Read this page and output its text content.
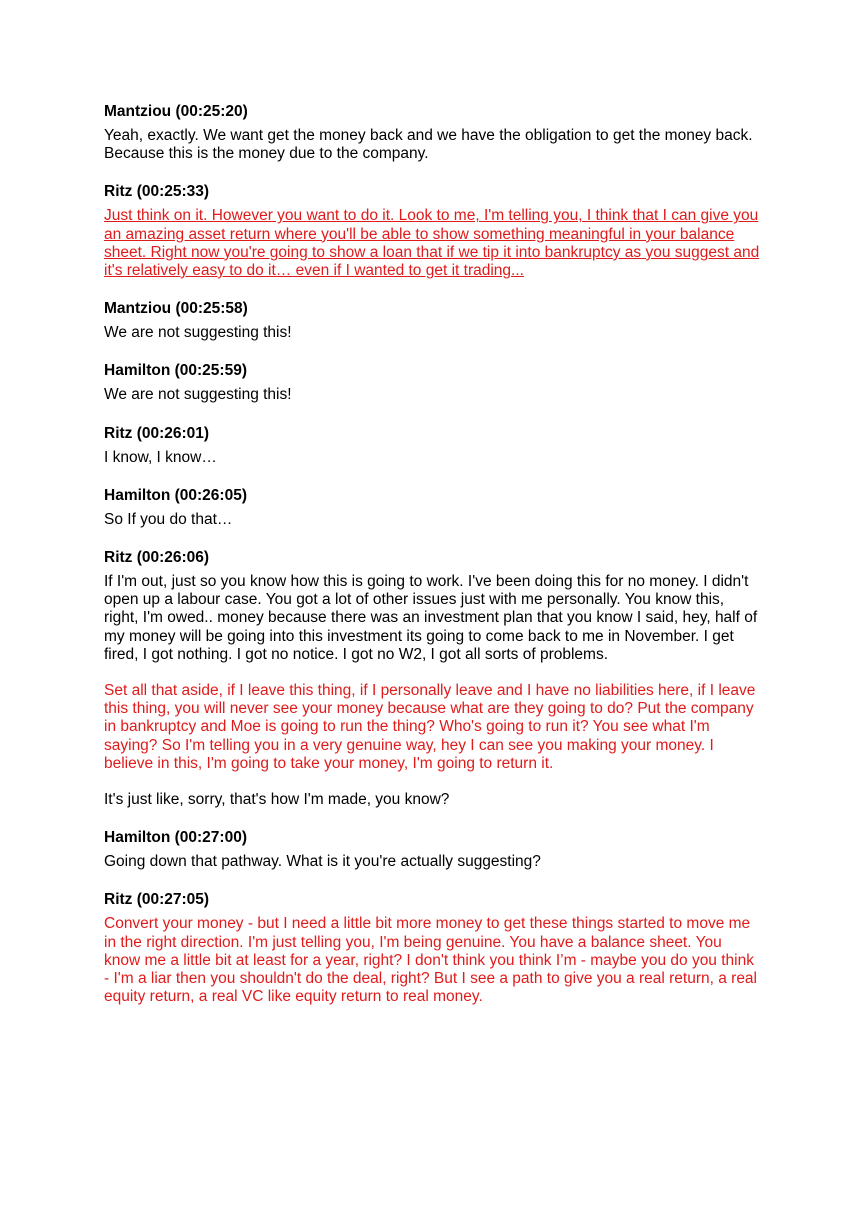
Mantziou (00:25:20)

Yeah, exactly. We want get the money back and we have the obligation to get the money back. Because this is the money due to the company.

Ritz (00:25:33)

Just think on it. However you want to do it. Look to me, I'm telling you, I think that I can give you an amazing asset return where you'll be able to show something meaningful in your balance sheet. Right now you're going to show a loan that if we tip it into bankruptcy as you suggest and it's relatively easy to do it… even if I wanted to get it trading...

Mantziou (00:25:58)

We are not suggesting this!

Hamilton (00:25:59)

We are not suggesting this!

Ritz (00:26:01)

I know, I know…

Hamilton (00:26:05)

So If you do that…

Ritz (00:26:06)

If I'm out, just so you know how this is going to work. I've been doing this for no money. I didn't open up a labour case. You got a lot of other issues just with me personally. You know this, right, I'm owed.. money because there was an investment plan that you know I said, hey, half of my money will be going into this investment its going to come back to me in November. I get fired, I got nothing. I got no notice. I got no W2, I got all sorts of problems.

Set all that aside, if I leave this thing, if I personally leave and I have no liabilities here, if I leave this thing, you will never see your money because what are they going to do? Put the company in bankruptcy and Moe is going to run the thing? Who's going to run it? You see what I'm saying? So I'm telling you in a very genuine way, hey I can see you making your money. I believe in this, I'm going to take your money, I'm going to return it.

It's just like, sorry, that's how I'm made, you know?

Hamilton (00:27:00)

Going down that pathway. What is it you're actually suggesting?

Ritz (00:27:05)

Convert your money - but I need a little bit more money to get these things started to move me in the right direction. I'm just telling you, I'm being genuine. You have a balance sheet. You know me a little bit at least for a year, right? I don't think you think I’m - maybe you do you think - I'm a liar then you shouldn't do the deal, right? But I see a path to give you a real return, a real equity return, a real VC like equity return to real money.
